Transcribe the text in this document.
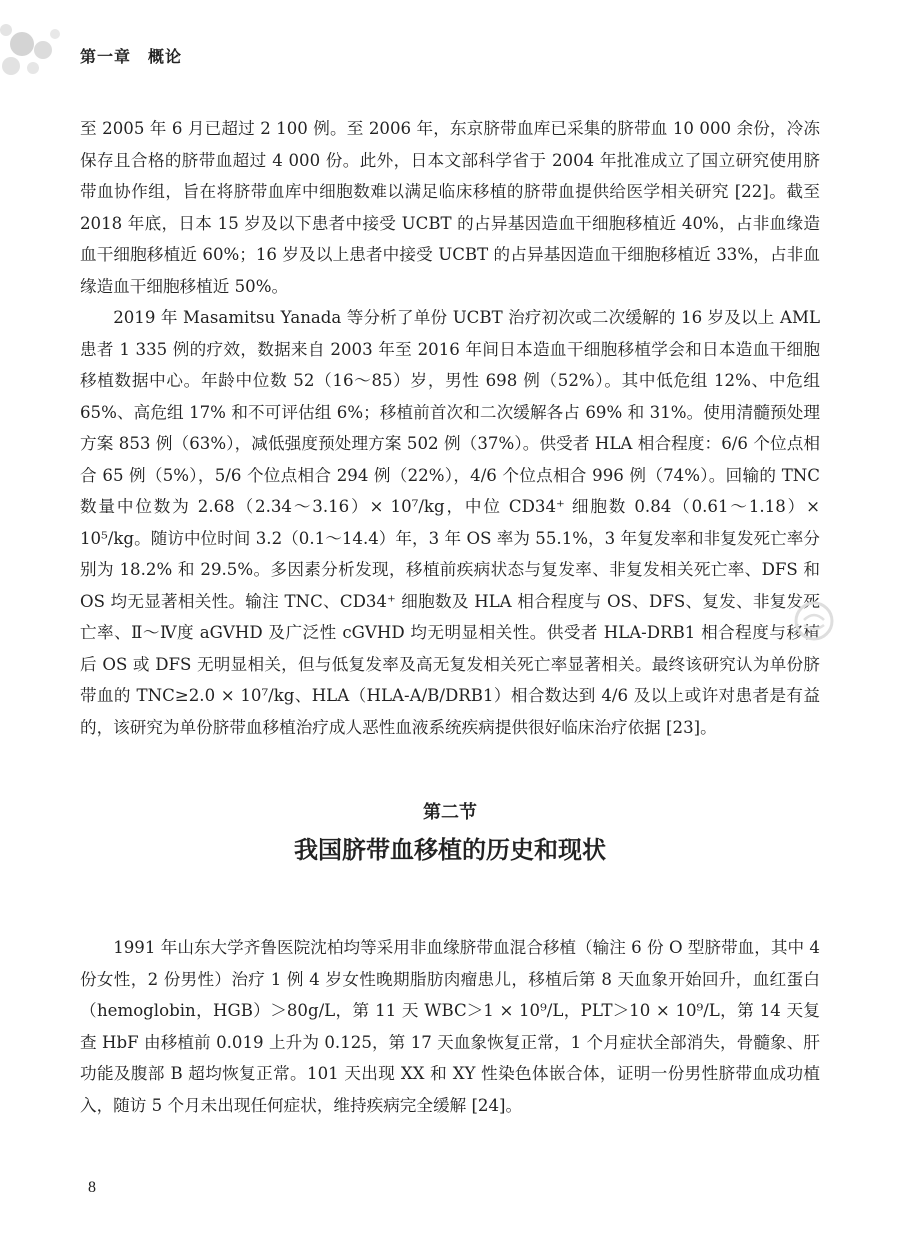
第一章　概论

至 2005 年 6 月已超过 2 100 例。至 2006 年，东京脐带血库已采集的脐带血 10 000 余份，冷冻保存且合格的脐带血超过 4 000 份。此外，日本文部科学省于 2004 年批准成立了国立研究使用脐带血协作组，旨在将脐带血库中细胞数难以满足临床移植的脐带血提供给医学相关研究 [22]。截至 2018 年底，日本 15 岁及以下患者中接受 UCBT 的占异基因造血干细胞移植近 40%，占非血缘造血干细胞移植近 60%；16 岁及以上患者中接受 UCBT 的占异基因造血干细胞移植近 33%，占非血缘造血干细胞移植近 50%。

2019 年 Masamitsu Yanada 等分析了单份 UCBT 治疗初次或二次缓解的 16 岁及以上 AML 患者 1 335 例的疗效，数据来自 2003 年至 2016 年间日本造血干细胞移植学会和日本造血干细胞移植数据中心。年龄中位数 52（16～85）岁，男性 698 例（52%）。其中低危组 12%、中危组 65%、高危组 17% 和不可评估组 6%；移植前首次和二次缓解各占 69% 和 31%。使用清髓预处理方案 853 例（63%），减低强度预处理方案 502 例（37%）。供受者 HLA 相合程度：6/6 个位点相合 65 例（5%），5/6 个位点相合 294 例（22%），4/6 个位点相合 996 例（74%）。回输的 TNC 数量中位数为 2.68（2.34～3.16）× 10⁷/kg，中位 CD34⁺ 细胞数 0.84（0.61～1.18）× 10⁵/kg。随访中位时间 3.2（0.1～14.4）年，3 年 OS 率为 55.1%，3 年复发率和非复发死亡率分别为 18.2% 和 29.5%。多因素分析发现，移植前疾病状态与复发率、非复发相关死亡率、DFS 和 OS 均无显著相关性。输注 TNC、CD34⁺ 细胞数及 HLA 相合程度与 OS、DFS、复发、非复发死亡率、Ⅱ～Ⅳ度 aGVHD 及广泛性 cGVHD 均无明显相关性。供受者 HLA-DRB1 相合程度与移植后 OS 或 DFS 无明显相关，但与低复发率及高无复发相关死亡率显著相关。最终该研究认为单份脐带血的 TNC≥2.0 × 10⁷/kg、HLA（HLA-A/B/DRB1）相合数达到 4/6 及以上或许对患者是有益的，该研究为单份脐带血移植治疗成人恶性血液系统疾病提供很好临床治疗依据 [23]。

第二节
我国脐带血移植的历史和现状

1991 年山东大学齐鲁医院沈柏均等采用非血缘脐带血混合移植（输注 6 份 O 型脐带血，其中 4 份女性，2 份男性）治疗 1 例 4 岁女性晚期脂肪肉瘤患儿，移植后第 8 天血象开始回升，血红蛋白（hemoglobin，HGB）＞80g/L，第 11 天 WBC＞1 × 10⁹/L，PLT＞10 × 10⁹/L，第 14 天复查 HbF 由移植前 0.019 上升为 0.125，第 17 天血象恢复正常，1 个月症状全部消失，骨髓象、肝功能及腹部 B 超均恢复正常。101 天出现 XX 和 XY 性染色体嵌合体，证明一份男性脐带血成功植入，随访 5 个月未出现任何症状，维持疾病完全缓解 [24]。

8
